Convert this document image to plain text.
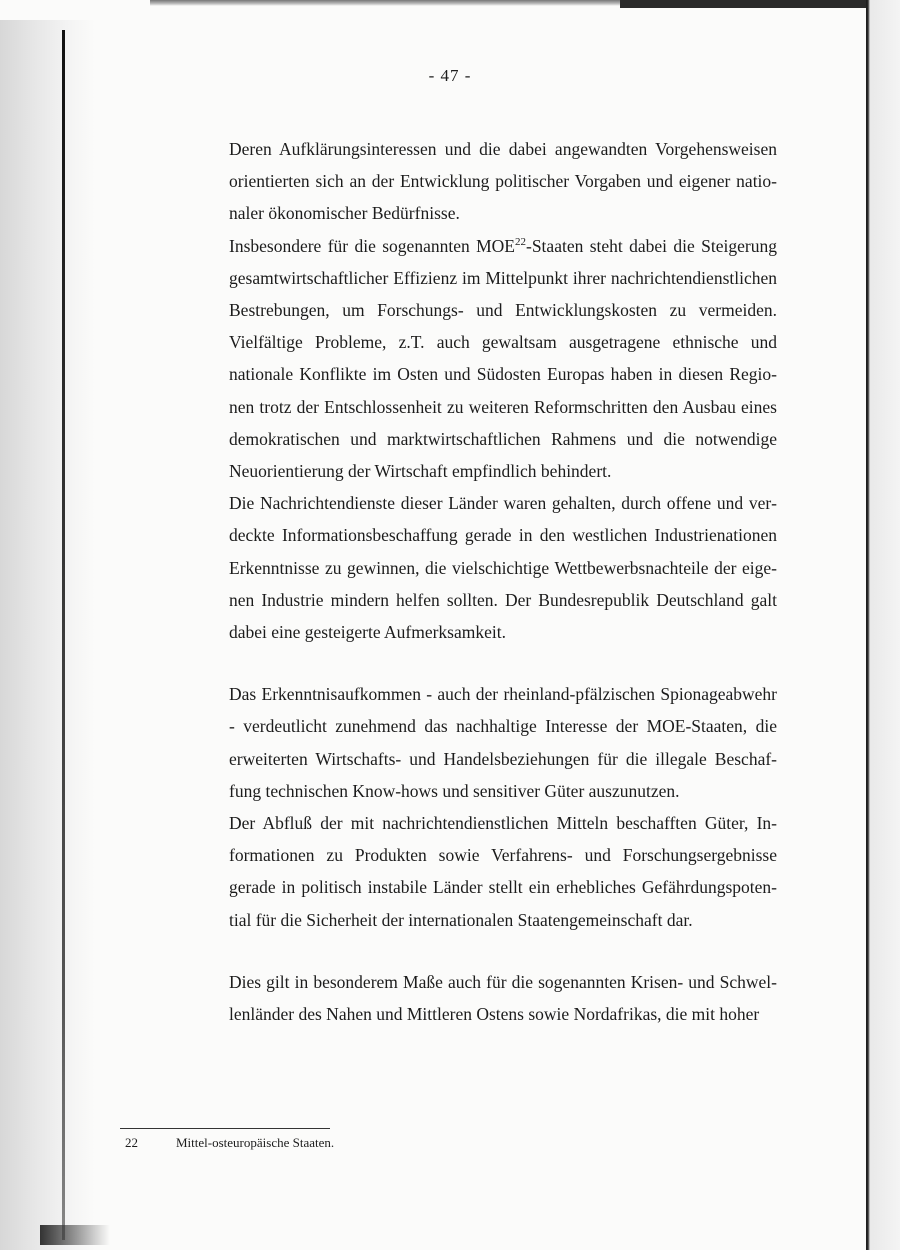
- 47 -

Deren Aufklärungsinteressen und die dabei angewandten Vorgehensweisen orientierten sich an der Entwicklung politischer Vorgaben und eigener nationaler ökonomischer Bedürfnisse.

Insbesondere für die sogenannten MOE$^{22}$-Staaten steht dabei die Steigerung gesamtwirtschaftlicher Effizienz im Mittelpunkt ihrer nachrichtendienstlichen Bestrebungen, um Forschungs- und Entwicklungskosten zu vermeiden. Vielfältige Probleme, z.T. auch gewaltsam ausgetragene ethnische und nationale Konflikte im Osten und Südosten Europas haben in diesen Regionen trotz der Entschlossenheit zu weiteren Reformschritten den Ausbau eines demokratischen und marktwirtschaftlichen Rahmens und die notwendige Neuorientierung der Wirtschaft empfindlich behindert.

Die Nachrichtendienste dieser Länder waren gehalten, durch offene und verdeckte Informationsbeschaffung gerade in den westlichen Industrienationen Erkenntnisse zu gewinnen, die vielschichtige Wettbewerbsnachteile der eigenen Industrie mindern helfen sollten. Der Bundesrepublik Deutschland galt dabei eine gesteigerte Aufmerksamkeit.

Das Erkenntnisaufkommen - auch der rheinland-pfälzischen Spionageabwehr - verdeutlicht zunehmend das nachhaltige Interesse der MOE-Staaten, die erweiterten Wirtschafts- und Handelsbeziehungen für die illegale Beschaffung technischen Know-hows und sensitiver Güter auszunutzen.

Der Abfluß der mit nachrichtendienstlichen Mitteln beschafften Güter, Informationen zu Produkten sowie Verfahrens- und Forschungsergebnisse gerade in politisch instabile Länder stellt ein erhebliches Gefährdungspotential für die Sicherheit der internationalen Staatengemeinschaft dar.

Dies gilt in besonderem Maße auch für die sogenannten Krisen- und Schwellenländer des Nahen und Mittleren Ostens sowie Nordafrikas, die mit hoher

22	Mittel-osteuropäische Staaten.
